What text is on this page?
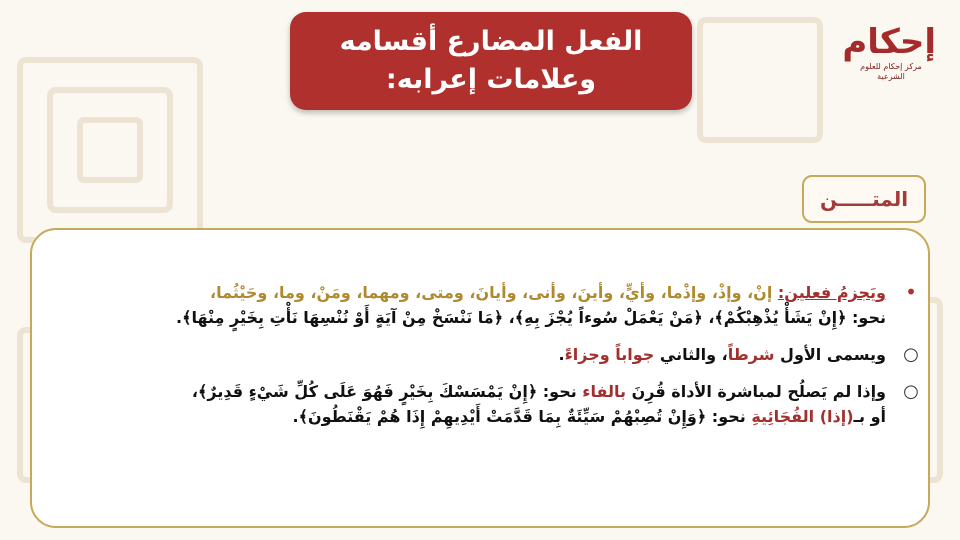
إحكام
مركز إحكام للعلوم الشرعية
الفعل المضارع أقسامه
وعلامات إعرابه:
المتـــــن
•
ويَجزمُ فعلين: إنْ، وإذْ، وإذْما، وأيٍّ، وأينَ، وأنى، وأيانَ، ومتى، ومهما، ومَنْ، وما، وحَيْثُما،
نحو: ﴿إِنْ يَشَأْ يُذْهِبْكُمْ﴾، ﴿مَنْ يَعْمَلْ سُوءاً يُجْزَ بِهِ﴾، ﴿مَا نَنْسَخْ مِنْ آيَةٍ أَوْ نُنْسِهَا نَأْتِ بِخَيْرٍ مِنْهَا﴾.
○
ويسمى الأول شرطاً، والثاني جواباً وجزاءً.
○
وإذا لم يَصلُح لمباشرة الأداة قُرِنَ بالفاء نحو: ﴿إِنْ يَمْسَسْكَ بِخَيْرٍ فَهُوَ عَلَى كُلِّ شَيْءٍ قَدِيرٌ﴾،
أو بـ(إذا) الفُجَائِيةِ نحو: ﴿وَإِنْ تُصِبْهُمْ سَيِّئَةٌ بِمَا قَدَّمَتْ أَيْدِيهِمْ إِذَا هُمْ يَقْنَطُونَ﴾.
